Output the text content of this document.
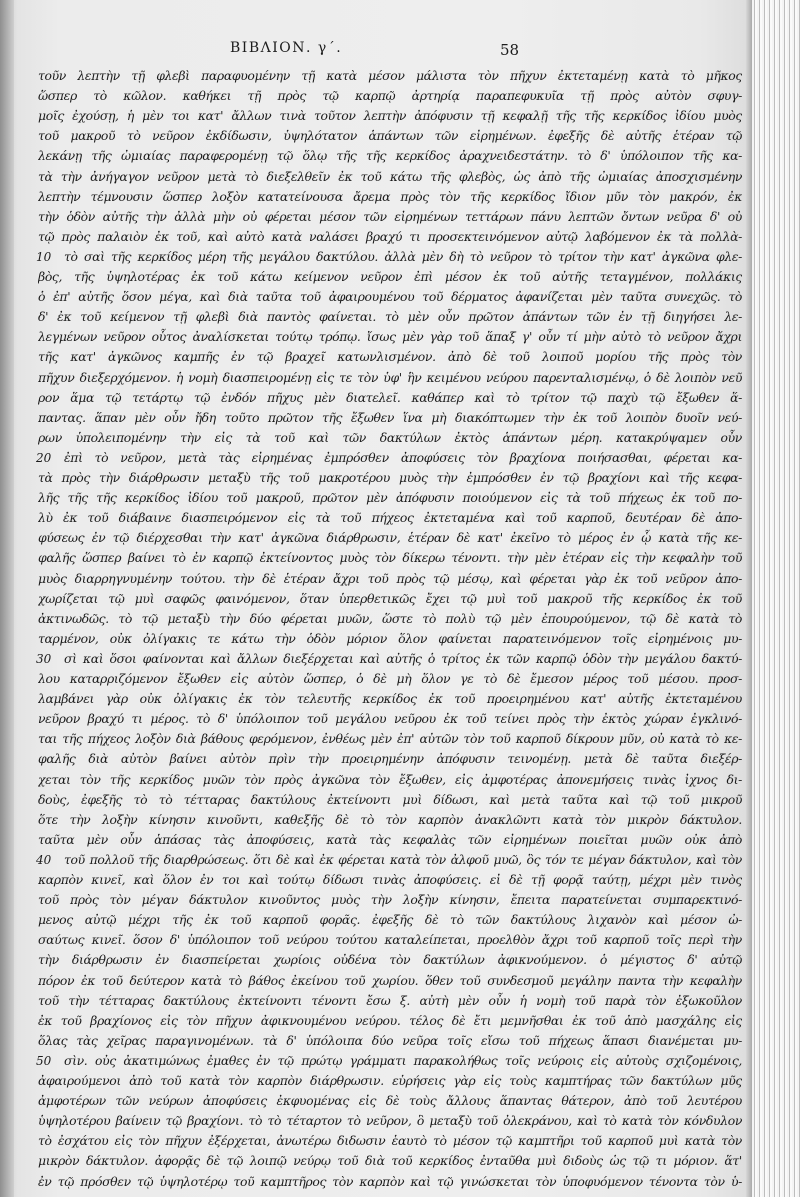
ΒΙΒΛΙΟΝ. γ΄.	58
τοῦν λεπτὴν τῇ φλεβὶ παραφυομένην τῇ κατὰ μέσον μάλιστα τὸν πῆχυν ἐκτεταμένῃ κατὰ τὸ μῆκος
ὥσπερ τὸ κῶλον. καθήκει τῇ πρὸς τῷ καρπῷ ἀρτηρίᾳ παραπεφυκυῖα τῇ πρὸς αὐτὸν σφυγ-
μοῖς ἐχούσῃ, ἡ μὲν τοι κατ' ἄλλων τινὰ τοῦτον λεπτὴν ἀπόφυσιν τῇ κεφαλῇ τῆς τῆς κερκίδος ἰδίου μυὸς
τοῦ μακροῦ τὸ νεῦρον ἐκδίδωσιν, ὑψηλότατον ἁπάντων τῶν εἰρημένων. ἐφεξῆς δὲ αὐτῆς ἑτέραν τῷ
λεκάνῃ τῆς ὠμιαίας παραφερομένῃ τῷ ὅλῳ τῆς τῆς κερκίδος ἀραχνειδεστάτην. τὸ δ' ὑπόλοιπον τῆς κα-
τὰ τὴν ἀνήγαγον νεῦρον μετὰ τὸ διεξελθεῖν ἐκ τοῦ κάτω τῆς φλεβὸς, ὡς ἀπὸ τῆς ὠμιαίας ἀποσχισμένην
λεπτὴν τέμνουσιν ὥσπερ λοξὸν κατατείνουσα ἄρεμα πρὸς τὸν τῆς κερκίδος ἴδιον μῦν τὸν μακρόν, ἐκ
τὴν ὁδὸν αὐτῆς τὴν ἀλλὰ μὴν οὐ φέρεται μέσον τῶν εἰρημένων τεττάρων πάνυ λεπτῶν ὄντων νεῦρα δ' οὐ
τῷ πρὸς παλαιὸν ἐκ τοῦ, καὶ αὐτὸ κατὰ ναλάσει βραχύ τι προσεκτεινόμενον αὐτῷ λαβόμενον ἐκ τὰ πολλὰ-
τὸ σαὶ τῆς κερκίδος μέρη τῆς μεγάλου δακτύλου. ἀλλὰ μὲν δὴ τὸ νεῦρον τὸ τρίτον τὴν κατ' ἀγκῶνα φλε-
βὸς, τῆς ὑψηλοτέρας ἐκ τοῦ κάτω κείμενον νεῦρον ἐπὶ μέσον ἐκ τοῦ αὐτῆς τεταγμένον, πολλάκις
ὁ ἐπ' αὐτῆς ὅσον μέγα, καὶ διὰ ταῦτα τοῦ ἀφαιρουμένου τοῦ δέρματος ἀφανίζεται μὲν ταῦτα συνεχῶς. τὸ
δ' ἐκ τοῦ κείμενον τῇ φλεβὶ διὰ παντὸς φαίνεται. τὸ μὲν οὖν πρῶτον ἁπάντων τῶν ἐν τῇ διηγήσει λε-
λεγμένων νεῦρον οὗτος ἀναλίσκεται τούτῳ τρόπῳ. ἴσως μὲν γὰρ τοῦ ἅπαξ γ' οὖν τί μὴν αὐτὸ τὸ νεῦρον ἄχρι
τῆς κατ' ἀγκῶνος καμπῆς ἐν τῷ βραχεῖ κατωνλισμένον. ἀπὸ δὲ τοῦ λοιποῦ μορίου τῆς πρὸς τὸν
πῆχυν διεξερχόμενον. ἡ νομὴ διασπειρομένῃ εἰς τε τὸν ὑφ' ἣν κειμένου νεύρου παρενταλισμένῳ, ὁ δὲ λοιπὸν νεῦ
ρον ἅμα τῷ τετάρτῳ τῷ ἐνδόν πῆχυς μὲν διατελεῖ. καθάπερ καὶ τὸ τρίτον τῷ παχὺ τῷ ἔξωθεν ἅ-
παντας. ἅπαν μὲν οὖν ἤδη τοῦτο πρῶτον τῆς ἔξωθεν ἵνα μὴ διακόπτωμεν τὴν ἐκ τοῦ λοιπὸν δυοῖν νεύ-
ρων ὑπολειπομένην τὴν εἰς τὰ τοῦ καὶ τῶν δακτύλων ἐκτὸς ἁπάντων μέρη. κατακρύψαμεν οὖν
ἐπὶ τὸ νεῦρον, μετὰ τὰς εἰρημένας ἐμπρόσθεν ἀποφύσεις τὸν βραχίονα ποιήσασθαι, φέρεται κα-
τὰ πρὸς τὴν διάρθρωσιν μεταξὺ τῆς τοῦ μακροτέρου μυὸς τὴν ἐμπρόσθεν ἐν τῷ βραχίονι καὶ τῆς κεφα-
λῆς τῆς τῆς κερκίδος ἰδίου τοῦ μακροῦ, πρῶτον μὲν ἀπόφυσιν ποιούμενον εἰς τὰ τοῦ πήχεως ἐκ τοῦ πο-
λὺ ἐκ τοῦ διάβαινε διασπειρόμενον εἰς τὰ τοῦ πήχεος ἐκτεταμένα καὶ τοῦ καρποῦ, δευτέραν δὲ ἀπο-
φύσεως ἐν τῷ διέρχεσθαι τὴν κατ' ἀγκῶνα διάρθρωσιν, ἑτέραν δὲ κατ' ἐκεῖνο τὸ μέρος ἐν ᾧ κατὰ τῆς κε-
φαλῆς ὥσπερ βαίνει τὸ ἐν καρπῷ ἐκτείνοντος μυὸς τὸν δίκερω τένοντι. τὴν μὲν ἑτέραν εἰς τὴν κεφαλὴν τοῦ
μυὸς διαρρηγνυμένην τούτου. τὴν δὲ ἑτέραν ἄχρι τοῦ πρὸς τῷ μέσῳ, καὶ φέρεται γὰρ ἐκ τοῦ νεῦρον ἀπο-
χωρίζεται τῷ μυὶ σαφῶς φαινόμενον, ὅταν ὑπερθετικῶς ἔχει τῷ μυὶ τοῦ μακροῦ τῆς κερκίδος ἐκ τοῦ
ἀκτινωδῶς. τὸ τῷ μεταξὺ τὴν δύο φέρεται μυῶν, ὥστε τὸ πολὺ τῷ μὲν ἐπουρούμενον, τῷ δὲ κατὰ τὸ
ταρμένον, οὐκ ὀλίγακις τε κάτω τὴν ὁδὸν μόριον ὅλον φαίνεται παρατεινόμενον τοῖς εἰρημένοις μυ-
σὶ καὶ ὅσοι φαίνονται καὶ ἄλλων διεξέρχεται καὶ αὐτῆς ὁ τρίτος ἐκ τῶν καρπῷ ὁδὸν τὴν μεγάλου δακτύ-
λου καταρριζόμενον ἔξωθεν εἰς αὐτὸν ὥσπερ, ὁ δὲ μὴ ὅλον γε τὸ δὲ ἔμεσον μέρος τοῦ μέσου. προσ-
λαμβάνει γὰρ οὐκ ὀλίγακις ἐκ τὸν τελευτῆς κερκίδος ἐκ τοῦ προειρημένου κατ' αὐτῆς ἐκτεταμένου
νεῦρον βραχύ τι μέρος. τὸ δ' ὑπόλοιπον τοῦ μεγάλου νεῦρου ἐκ τοῦ τείνει πρὸς τὴν ἐκτὸς χώραν ἐγκλινό-
ται τῆς πήχεος λοξὸν διὰ βάθους φερόμενον, ἐνθέως μὲν ἐπ' αὐτῶν τὸν τοῦ καρποῦ δίκρουν μῦν, οὐ κατὰ τὸ κε-
φαλῆς διὰ αὐτὸν βαίνει αὐτὸν πρὶν τὴν προειρημένην ἀπόφυσιν τεινομένῃ. μετὰ δὲ ταῦτα διεξέρ-
χεται τὸν τῆς κερκίδος μυῶν τὸν πρὸς ἀγκῶνα τὸν ἔξωθεν, εἰς ἀμφοτέρας ἀπονεμήσεις τινὰς ἰχνος δι-
δοὺς, ἐφεξῆς τὸ τὸ τέτταρας δακτύλους ἐκτείνοντι μυὶ δίδωσι, καὶ μετὰ ταῦτα καὶ τῷ τοῦ μικροῦ
ὅτε τὴν λοξὴν κίνησιν κινοῦντι, καθεξῆς δὲ τὸ τὸν καρπὸν ἀνακλῶντι κατὰ τὸν μικρὸν δάκτυλον.
ταῦτα μὲν οὖν ἁπάσας τὰς ἀποφύσεις, κατὰ τὰς κεφαλὰς τῶν εἰρημένων ποιεῖται μυῶν οὐκ ἀπὸ
τοῦ πολλοῦ τῆς διαρθρώσεως. ὅτι δὲ καὶ ἐκ φέρεται κατὰ τὸν ἀλφοῦ μυῶ, ὃς τόν τε μέγαν δάκτυλον, καὶ τὸν
καρπὸν κινεῖ, καὶ ὅλον ἐν τοι καὶ τούτῳ δίδωσι τινὰς ἀποφύσεις. εἰ δὲ τῇ φορᾷ ταύτῃ, μέχρι μὲν τινὸς
τοῦ πρὸς τὸν μέγαν δάκτυλον κινοῦντος μυὸς τὴν λοξὴν κίνησιν, ἔπειτα παρατείνεται συμπαρεκτινό-
μενος αὐτῷ μέχρι τῆς ἐκ τοῦ καρποῦ φορᾶς. ἐφεξῆς δὲ τὸ τῶν δακτύλους λιχανὸν καὶ μέσον ὠ-
σαύτως κινεῖ. ὅσον δ' ὑπόλοιπον τοῦ νεύρου τούτου καταλείπεται, προελθὸν ἄχρι τοῦ καρποῦ τοῖς περὶ τὴν
τὴν διάρθρωσιν ἐν διασπείρεται χωρίοις οὐδένα τὸν δακτύλων ἀφικνούμενον. ὁ μέγιστος δ' αὐτῷ
πόρον ἐκ τοῦ δεύτερον κατὰ τὸ βάθος ἐκείνου τοῦ χωρίου. ὅθεν τοῦ συνδεσμοῦ μεγάλην παντα τὴν κεφαλὴν
τοῦ τὴν τέτταρας δακτύλους ἐκτείνοντι τένοντι ἔσω ξ. αὐτὴ μὲν οὖν ἡ νομὴ τοῦ παρὰ τὸν ἐξωκοῦλον
ἐκ τοῦ βραχίονος εἰς τὸν πῆχυν ἀφικνουμένου νεύρου. τέλος δὲ ἔτι μεμνῆσθαι ἐκ τοῦ ἀπὸ μασχάλης εἰς
ὅλας τὰς χεῖρας παραγινομένων. τὰ δ' ὑπόλοιπα δύο νεῦρα τοῖς εἴσω τοῦ πήχεως ἅπασι διανέμεται μυ-
σὶν. οὐς ἀκατιμώνως ἐμαθες ἐν τῷ πρώτῳ γράμματι παρακολήθως τοῖς νεύροις εἰς αὐτοὺς σχιζομένοις,
ἀφαιρούμενοι ἀπὸ τοῦ κατὰ τὸν καρπὸν διάρθρωσιν. εὑρήσεις γὰρ εἰς τοὺς καμπτήρας τῶν δακτύλων μῦς
ἀμφοτέρων τῶν νεύρων ἀποφύσεις ἐκφυομένας εἰς δὲ τοὺς ἄλλους ἅπαντας θάτερον, ἀπὸ τοῦ λευτέρου
ὑψηλοτέρου βαίνειν τῷ βραχίονι. τὸ τὸ τέταρτον τὸ νεῦρον, ὃ μεταξὺ τοῦ ὀλεκράνου, καὶ τὸ κατὰ τὸν κόνδυλον
τὸ ἐσχάτου εἰς τὸν πῆχυν ἐξέρχεται, ἀνωτέρω διδωσιν ἑαυτὸ τὸ μέσον τῷ καμπτῆρι τοῦ καρποῦ μυὶ κατὰ τὸν
μικρὸν δάκτυλον. ἀφορᾷς δὲ τῷ λοιπῷ νεύρῳ τοῦ διὰ τοῦ κερκίδος ἐνταῦθα μυὶ διδοὺς ὡς τῷ τι μόριον. ἅτ'
ἐν τῷ πρόσθεν τῷ ὑψηλοτέρῳ τοῦ καμπτῆρος τὸν καρπὸν καὶ τῷ γινώσκεται τὸν ὑποφυόμενον τένοντα τὸν ὑ-
10
20
30
40
50
